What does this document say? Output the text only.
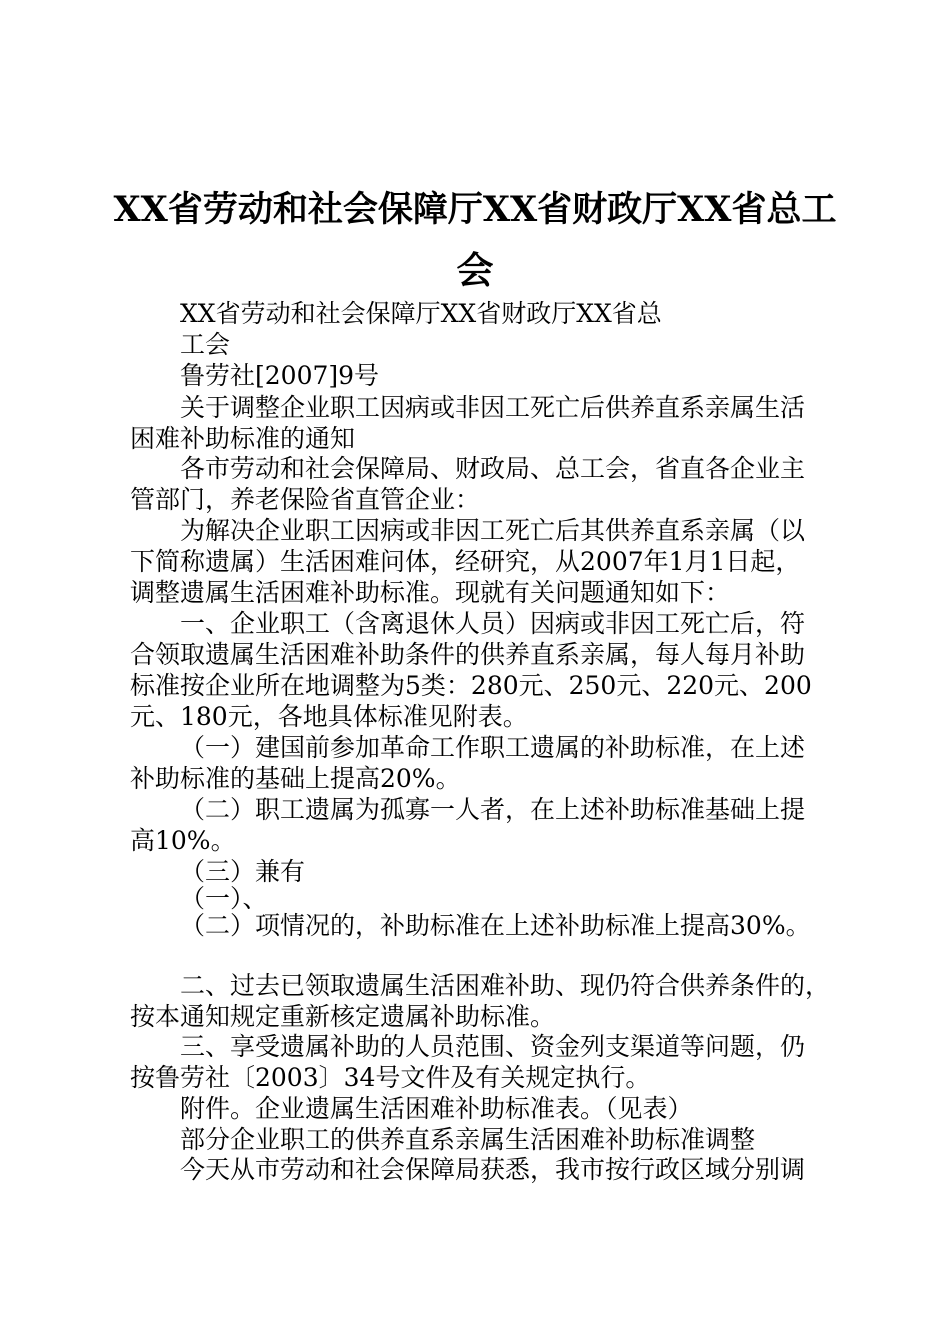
XX省劳动和社会保障厅XX省财政厅XX省总工
会
XX省劳动和社会保障厅XX省财政厅XX省总
工会
鲁劳社[2007]9号
关于调整企业职工因病或非因工死亡后供养直系亲属生活
困难补助标准的通知
各市劳动和社会保障局、财政局、总工会，省直各企业主
管部门，养老保险省直管企业：
为解决企业职工因病或非因工死亡后其供养直系亲属（以
下简称遗属）生活困难问体，经研究，从2007年1月1日起，
调整遗属生活困难补助标准。现就有关问题通知如下：
一、企业职工（含离退休人员）因病或非因工死亡后，符
合领取遗属生活困难补助条件的供养直系亲属，每人每月补助
标准按企业所在地调整为5类：280元、250元、220元、200
元、180元，各地具体标准见附表。
（一）建国前参加革命工作职工遗属的补助标准，在上述
补助标准的基础上提高20%。
（二）职工遗属为孤寡一人者，在上述补助标准基础上提
高10%。
（三）兼有
（一）、
（二）项情况的，补助标准在上述补助标准上提高30%。
二、过去已领取遗属生活困难补助、现仍符合供养条件的，
按本通知规定重新核定遗属补助标准。
三、享受遗属补助的人员范围、资金列支渠道等问题，仍
按鲁劳社〔2003〕34号文件及有关规定执行。
附件。企业遗属生活困难补助标准表。（见表）
部分企业职工的供养直系亲属生活困难补助标准调整
今天从市劳动和社会保障局获悉，我市按行政区域分别调
